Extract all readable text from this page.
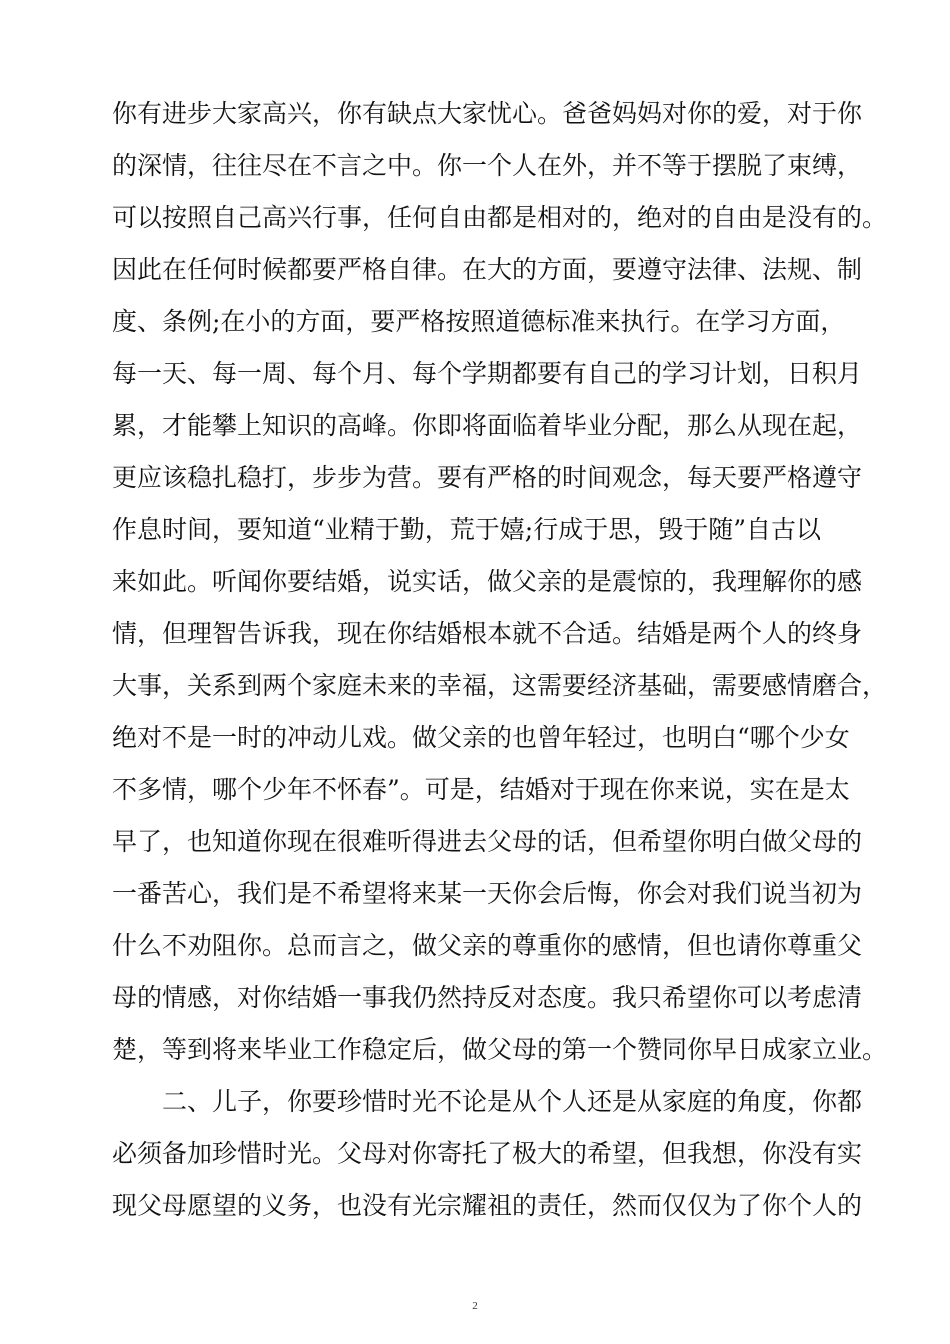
你有进步大家高兴，你有缺点大家忧心。爸爸妈妈对你的爱，对于你
的深情，往往尽在不言之中。你一个人在外，并不等于摆脱了束缚，
可以按照自己高兴行事，任何自由都是相对的，绝对的自由是没有的。
因此在任何时候都要严格自律。在大的方面，要遵守法律、法规、制
度、条例;在小的方面，要严格按照道德标准来执行。在学习方面，
每一天、每一周、每个月、每个学期都要有自己的学习计划，日积月
累，才能攀上知识的高峰。你即将面临着毕业分配，那么从现在起，
更应该稳扎稳打，步步为营。要有严格的时间观念，每天要严格遵守
作息时间，要知道“业精于勤，荒于嬉;行成于思，毁于随”自古以
来如此。听闻你要结婚，说实话，做父亲的是震惊的，我理解你的感
情，但理智告诉我，现在你结婚根本就不合适。结婚是两个人的终身
大事，关系到两个家庭未来的幸福，这需要经济基础，需要感情磨合，
绝对不是一时的冲动儿戏。做父亲的也曾年轻过，也明白“哪个少女
不多情，哪个少年不怀春”。可是，结婚对于现在你来说，实在是太
早了，也知道你现在很难听得进去父母的话，但希望你明白做父母的
一番苦心，我们是不希望将来某一天你会后悔，你会对我们说当初为
什么不劝阻你。总而言之，做父亲的尊重你的感情，但也请你尊重父
母的情感，对你结婚一事我仍然持反对态度。我只希望你可以考虑清
楚，等到将来毕业工作稳定后，做父母的第一个赞同你早日成家立业。
二、儿子，你要珍惜时光不论是从个人还是从家庭的角度，你都
必须备加珍惜时光。父母对你寄托了极大的希望，但我想，你没有实
现父母愿望的义务，也没有光宗耀祖的责任，然而仅仅为了你个人的
2
